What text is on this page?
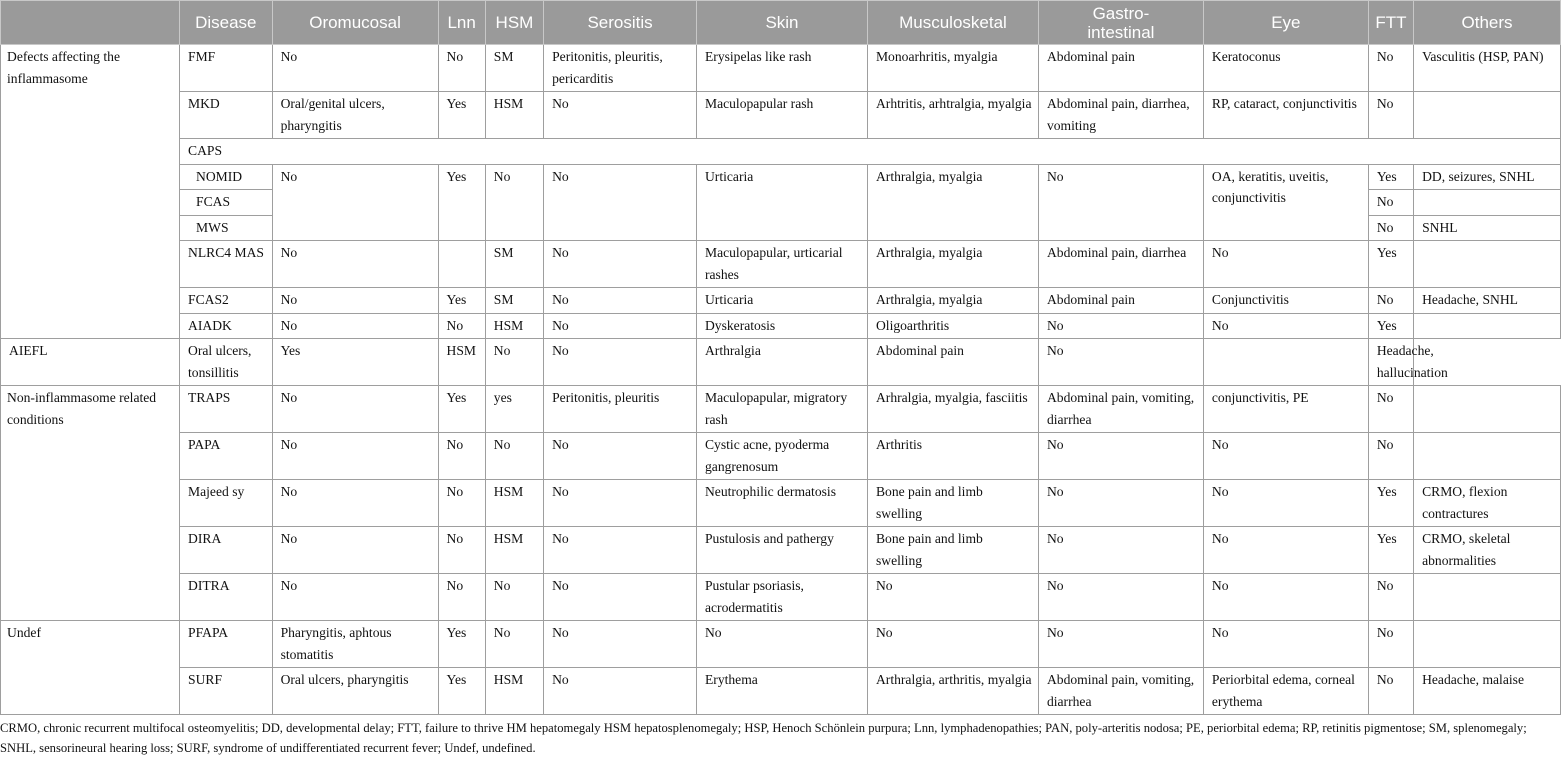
	Disease	Oromucosal	Lnn	HSM	Serositis	Skin	Musculosketal	Gastro-
intestinal	Eye	FTT	Others
Defects affecting the inflammasome	FMF	No	No	SM	Peritonitis, pleuritis, pericarditis	Erysipelas like rash	Monoarhritis, myalgia	Abdominal pain	Keratoconus	No	Vasculitis (HSP, PAN)
	MKD	Oral/genital ulcers, pharyngitis	Yes	HSM	No	Maculopapular rash	Arhtritis, arhtralgia, myalgia	Abdominal pain, diarrhea, vomiting	RP, cataract, conjunctivitis	No	
	CAPS										
	NOMID	No	Yes	No	No	Urticaria	Arthralgia, myalgia	No	OA, keratitis, uveitis, conjunctivitis	Yes	DD, seizures, SNHL
	FCAS									No	
	MWS									No	SNHL
	NLRC4 MAS	No		SM	No	Maculopapular, urticarial rashes	Arthralgia, myalgia	Abdominal pain, diarrhea	No	Yes	
	FCAS2	No	Yes	SM	No	Urticaria	Arthralgia, myalgia	Abdominal pain	Conjunctivitis	No	Headache, SNHL
	AIADK	No	No	HSM	No	Dyskeratosis	Oligoarthritis	No	No	Yes	
AIEFL	Oral ulcers, tonsillitis	Yes	HSM	No	No	Arthralgia	Abdominal pain	No		Headache, hallucination	
Non-inflammasome related conditions	TRAPS	No	Yes	yes	Peritonitis, pleuritis	Maculopapular, migratory rash	Arhralgia, myalgia, fasciitis	Abdominal pain, vomiting, diarrhea	conjunctivitis, PE	No	
	PAPA	No	No	No	No	Cystic acne, pyoderma gangrenosum	Arthritis	No	No	No	
	Majeed sy	No	No	HSM	No	Neutrophilic dermatosis	Bone pain and limb swelling	No	No	Yes	CRMO, flexion contractures
	DIRA	No	No	HSM	No	Pustulosis and pathergy	Bone pain and limb swelling	No	No	Yes	CRMO, skeletal abnormalities
	DITRA	No	No	No	No	Pustular psoriasis, acrodermatitis	No	No	No	No	
Undef	PFAPA	Pharyngitis, aphtous stomatitis	Yes	No	No	No	No	No	No	No	
	SURF	Oral ulcers, pharyngitis	Yes	HSM	No	Erythema	Arthralgia, arthritis, myalgia	Abdominal pain, vomiting, diarrhea	Periorbital edema, corneal erythema	No	Headache, malaise

CRMO, chronic recurrent multifocal osteomyelitis; DD, developmental delay; FTT, failure to thrive HM hepatomegaly HSM hepatosplenomegaly; HSP, Henoch Schönlein purpura; Lnn, lymphadenopathies; PAN, poly-arteritis nodosa; PE, periorbital edema; RP, retinitis pigmentose; SM, splenomegaly; SNHL, sensorineural hearing loss; SURF, syndrome of undifferentiated recurrent fever; Undef, undefined.
